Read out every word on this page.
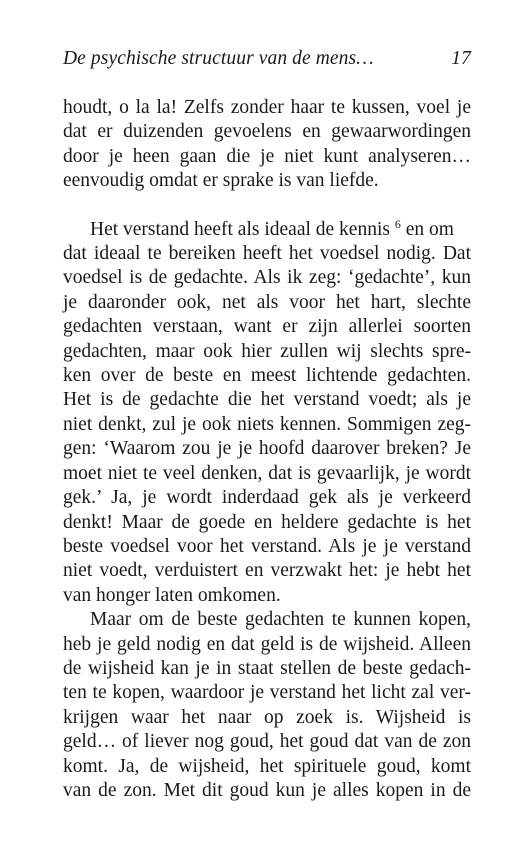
De psychische structuur van de mens…	17
houdt, o la la! Zelfs zonder haar te kussen, voel je
dat er duizenden gevoelens en gewaarwordingen
door je heen gaan die je niet kunt analyseren…
eenvoudig omdat er sprake is van liefde.
Het verstand heeft als ideaal de kennis $^6$ en om
dat ideaal te bereiken heeft het voedsel nodig. Dat
voedsel is de gedachte. Als ik zeg: ‘gedachte’, kun
je daaronder ook, net als voor het hart, slechte
gedachten verstaan, want er zijn allerlei soorten
gedachten, maar ook hier zullen wij slechts spre-
ken over de beste en meest lichtende gedachten.
Het is de gedachte die het verstand voedt; als je
niet denkt, zul je ook niets kennen. Sommigen zeg-
gen: ‘Waarom zou je je hoofd daarover breken? Je
moet niet te veel denken, dat is gevaarlijk, je wordt
gek.’ Ja, je wordt inderdaad gek als je verkeerd
denkt! Maar de goede en heldere gedachte is het
beste voedsel voor het verstand. Als je je verstand
niet voedt, verduistert en verzwakt het: je hebt het
van honger laten omkomen.
Maar om de beste gedachten te kunnen kopen,
heb je geld nodig en dat geld is de wijsheid. Alleen
de wijsheid kan je in staat stellen de beste gedach-
ten te kopen, waardoor je verstand het licht zal ver-
krijgen waar het naar op zoek is. Wijsheid is
geld… of liever nog goud, het goud dat van de zon
komt. Ja, de wijsheid, het spirituele goud, komt
van de zon. Met dit goud kun je alles kopen in de
